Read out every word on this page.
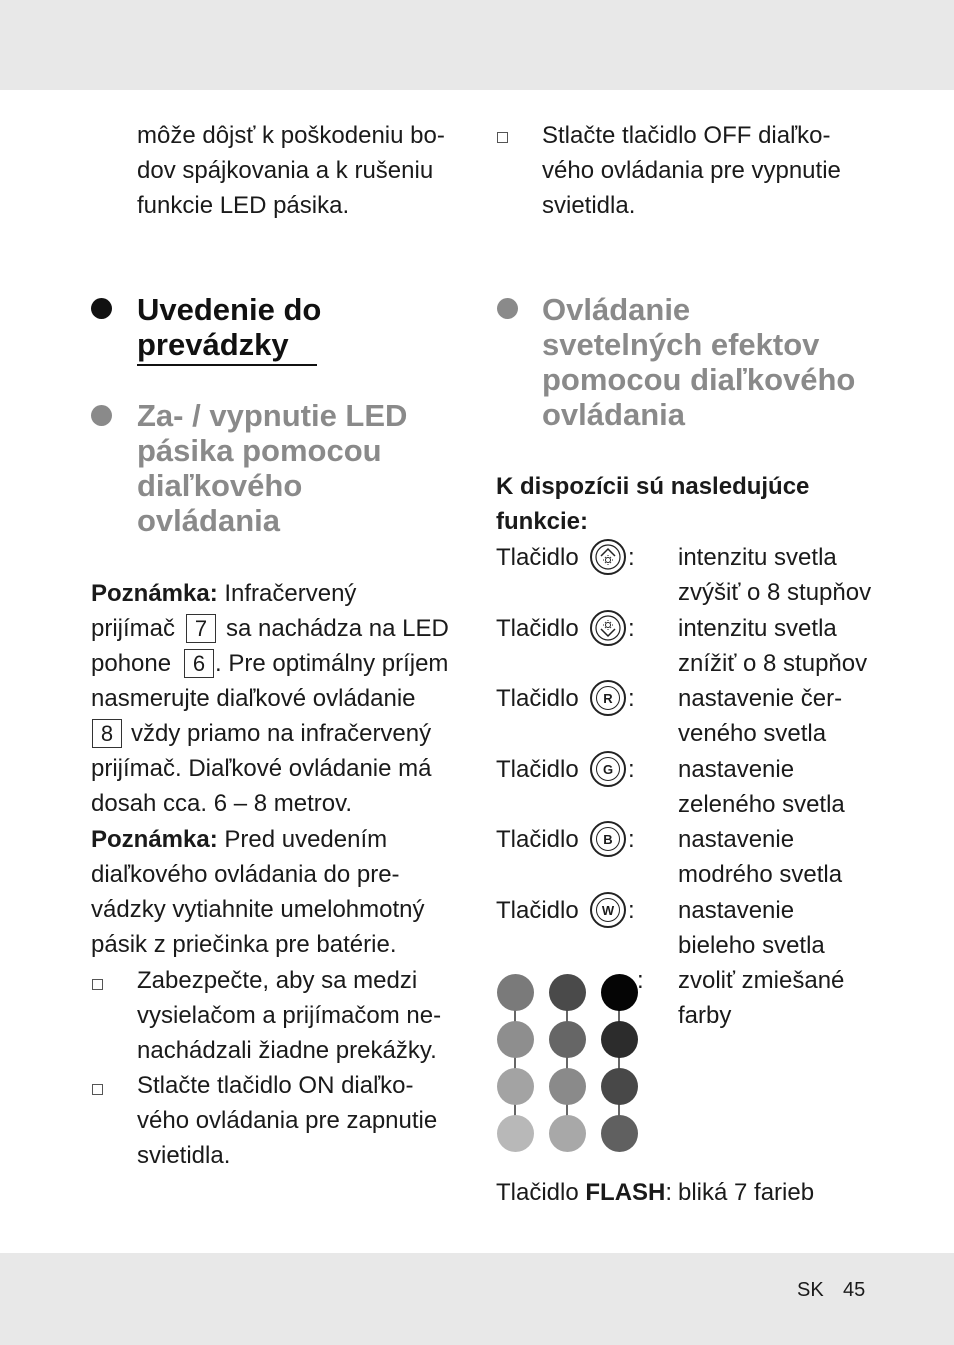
môže dôjsť k poškodeniu bo-
dov spájkovania a k rušeniu
funkcie LED pásika.
Uvedenie do
prevádzky
Za- / vypnutie LED
pásika pomocou
diaľkového
ovládania
Poznámka: Infračervený
prijímač 7 sa nachádza na LED
pohone 6 . Pre optimálny príjem
nasmerujte diaľkové ovládanie
8 vždy priamo na infračervený
prijímač. Diaľkové ovládanie má
dosah cca. 6 – 8 metrov.
Poznámka: Pred uvedením
diaľkového ovládania do pre-
vádzky vytiahnite umelohmotný
pásik z priečinka pre batérie.
Zabezpečte, aby sa medzi
vysielačom a prijímačom ne-
nachádzali žiadne prekážky.
Stlačte tlačidlo ON diaľko-
vého ovládania pre zapnutie
svietidla.
Stlačte tlačidlo OFF diaľko-
vého ovládania pre vypnutie
svietidla.
Ovládanie
svetelných efektov
pomocou diaľkového
ovládania
K dispozícii sú nasledujúce
funkcie:
Tlačidlo : intenzitu svetla
zvýšiť o 8 stupňov
Tlačidlo : intenzitu svetla
znížiť o 8 stupňov
Tlačidlo	R : nastavenie čer-
veného svetla
Tlačidlo	G : nastavenie
zeleného svetla
Tlačidlo	B : nastavenie
modrého svetla
Tlačidlo	W : nastavenie
bieleho svetla
: zvoliť zmiešané
farby
Tlačidlo FLASH: bliká 7 farieb
SK 45
